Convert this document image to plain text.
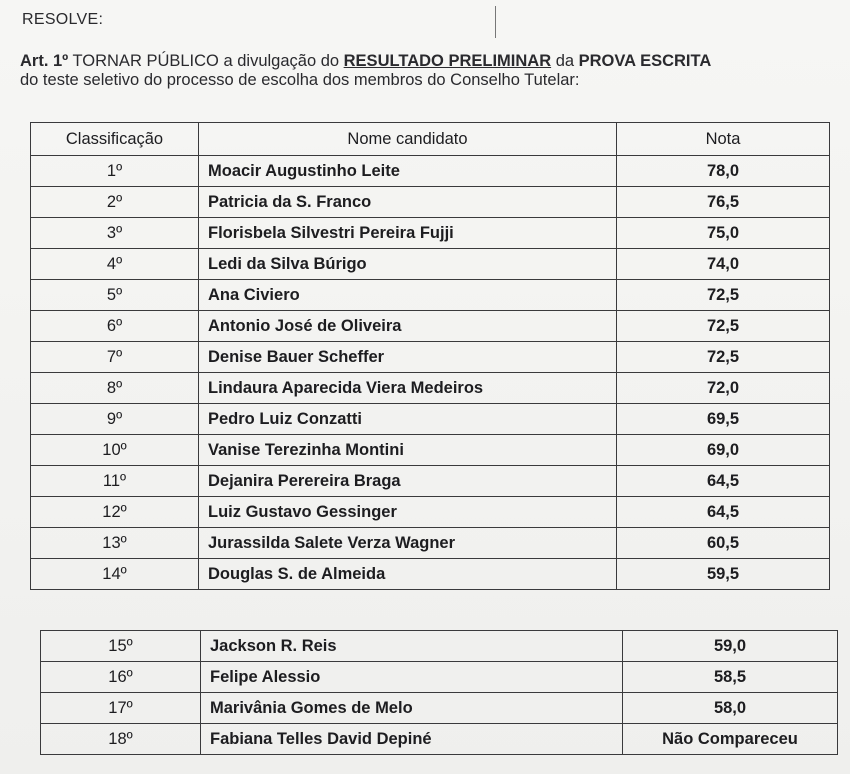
RESOLVE:
Art. 1º TORNAR PÚBLICO a divulgação do RESULTADO PRELIMINAR da PROVA ESCRITA
do teste seletivo do processo de escolha dos membros do Conselho Tutelar:
Classificação	Nome candidato	Nota
1º	Moacir Augustinho Leite	78,0
2º	Patricia da S. Franco	76,5
3º	Florisbela Silvestri Pereira Fujji	75,0
4º	Ledi da Silva Búrigo	74,0
5º	Ana Civiero	72,5
6º	Antonio José de Oliveira	72,5
7º	Denise Bauer Scheffer	72,5
8º	Lindaura Aparecida Viera Medeiros	72,0
9º	Pedro Luiz Conzatti	69,5
10º	Vanise Terezinha Montini	69,0
11º	Dejanira Perereira Braga	64,5
12º	Luiz Gustavo Gessinger	64,5
13º	Jurassilda Salete Verza Wagner	60,5
14º	Douglas S. de Almeida	59,5
15º	Jackson R. Reis	59,0
16º	Felipe Alessio	58,5
17º	Marivânia Gomes de Melo	58,0
18º	Fabiana Telles David Depiné	Não Compareceu
